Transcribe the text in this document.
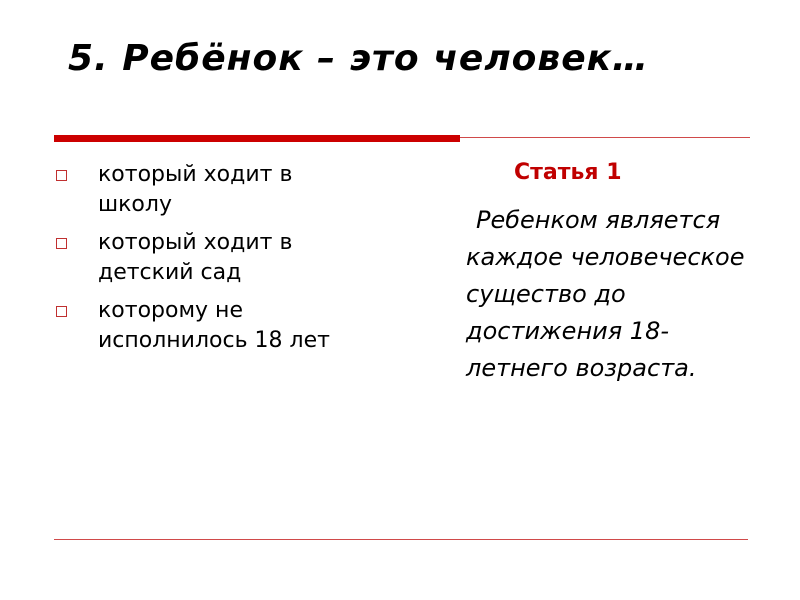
5. Ребёнок – это человек…
который ходит в школу
который ходит в детский сад
которому не исполнилось 18 лет
Статья 1

Ребенком является каждое человеческое существо до достижения 18-летнего возраста.
